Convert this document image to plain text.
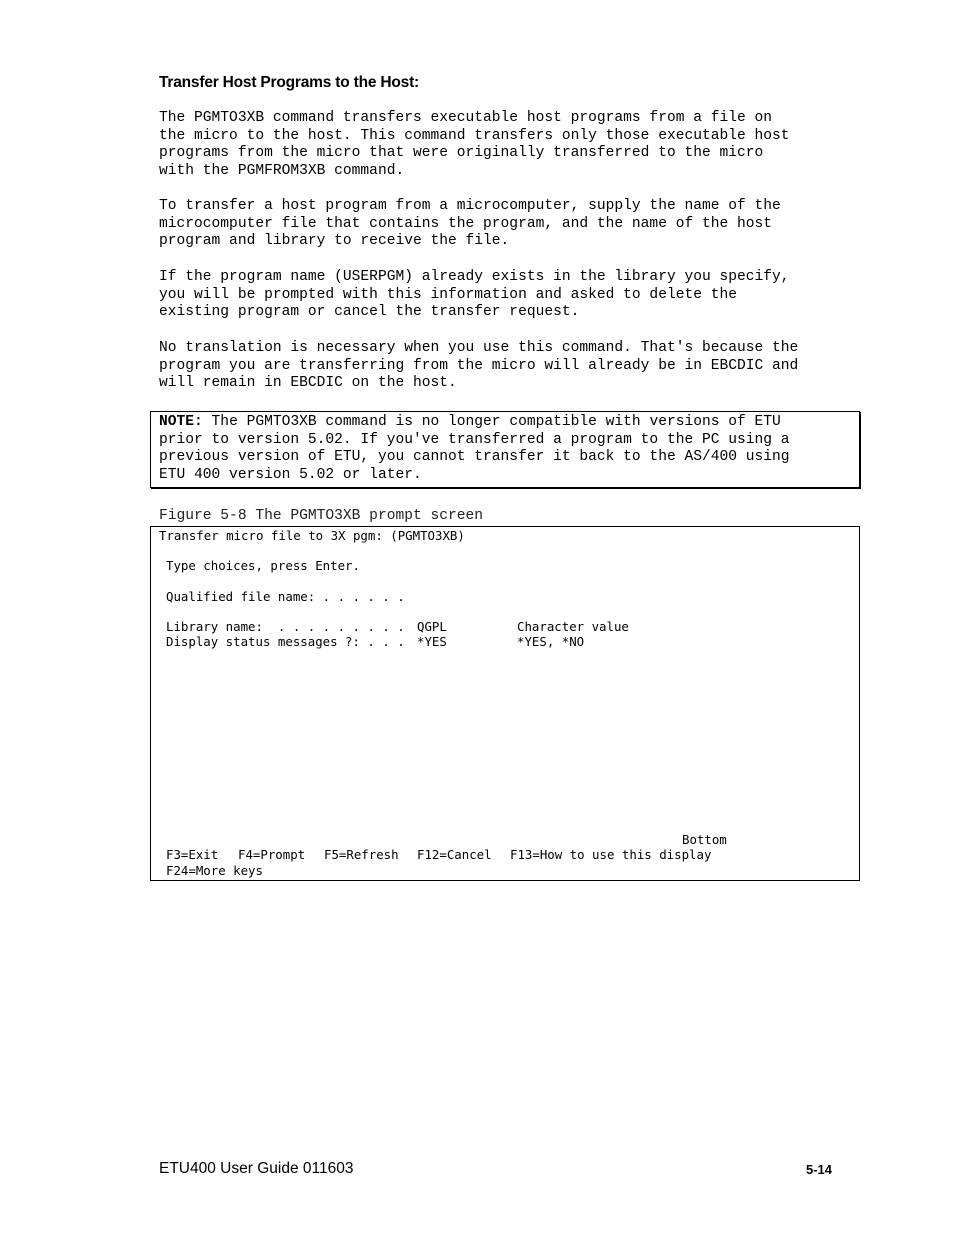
Transfer Host Programs to the Host:

The PGMTO3XB command transfers executable host programs from a file on
the micro to the host. This command transfers only those executable host
programs from the micro that were originally transferred to the micro
with the PGMFROM3XB command.

To transfer a host program from a microcomputer, supply the name of the
microcomputer file that contains the program, and the name of the host
program and library to receive the file.

If the program name (USERPGM) already exists in the library you specify,
you will be prompted with this information and asked to delete the
existing program or cancel the transfer request.

No translation is necessary when you use this command. That's because the
program you are transferring from the micro will already be in EBCDIC and
will remain in EBCDIC on the host.

NOTE: The PGMTO3XB command is no longer compatible with versions of ETU
prior to version 5.02. If you've transferred a program to the PC using a
previous version of ETU, you cannot transfer it back to the AS/400 using
ETU 400 version 5.02 or later.

Figure 5-8 The PGMTO3XB prompt screen
Transfer micro file to 3X pgm: (PGMTO3XB)
Type choices, press Enter.
Qualified file name: . . . . . .
Library name:  . . . . . . . . . QGPL	Character value
Display status messages ?: . . . *YES	*YES, *NO
Bottom
F3=Exit F4=Prompt F5=Refresh F12=Cancel F13=How to use this display
F24=More keys
ETU400 User Guide 011603	5-14
